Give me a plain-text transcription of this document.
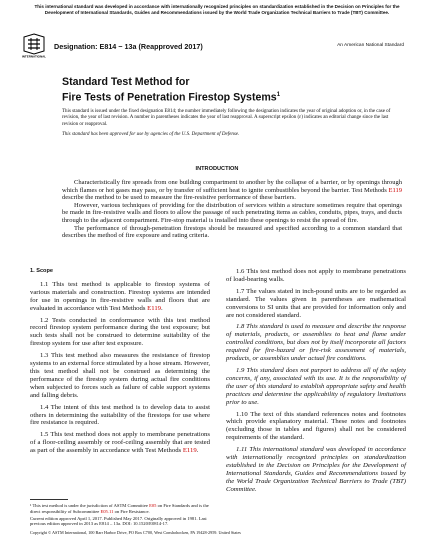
This international standard was developed in accordance with internationally recognized principles on standardization established in the Decision on Principles for the Development of International Standards, Guides and Recommendations issued by the World Trade Organization Technical Barriers to Trade (TBT) Committee.
INTERNATIONAL
Designation: E814 − 13a (Reapproved 2017)	An American National Standard
Standard Test Method for
Fire Tests of Penetration Firestop Systems$^1$
This standard is issued under the fixed designation E814; the number immediately following the designation indicates the year of original adoption or, in the case of revision, the year of last revision. A number in parentheses indicates the year of last reapproval. A superscript epsilon (ε) indicates an editorial change since the last revision or reapproval.
This standard has been approved for use by agencies of the U.S. Department of Defense.
INTRODUCTION

Characteristically fire spreads from one building compartment to another by the collapse of a barrier, or by openings through which flames or hot gases may pass, or by transfer of sufficient heat to ignite combustibles beyond the barrier. Test Methods E119 describe the method to be used to measure the fire-resistive performance of these barriers.

However, various techniques of providing for the distribution of services within a structure sometimes require that openings be made in fire-resistive walls and floors to allow the passage of such penetrating items as cables, conduits, pipes, trays, and ducts through to the adjacent compartment. Fire-stop material is installed into these openings to resist the spread of fire.

The performance of through-penetration firestops should be measured and specified according to a common standard that describes the method of fire exposure and rating criteria.

1. Scope

1.1 This test method is applicable to firestop systems of various materials and construction. Firestop systems are intended for use in openings in fire-resistive walls and floors that are evaluated in accordance with Test Methods E119.

1.2 Tests conducted in conformance with this test method record firestop system performance during the test exposure; but such tests shall not be construed to determine suitability of the firestop system for use after test exposure.

1.3 This test method also measures the resistance of firestop systems to an external force stimulated by a hose stream. However, this test method shall not be construed as determining the performance of the firestop system during actual fire conditions when subjected to forces such as failure of cable support systems and falling debris.

1.4 The intent of this test method is to develop data to assist others in determining the suitability of the firestops for use where fire resistance is required.

1.5 This test method does not apply to membrane penetrations of a floor-ceiling assembly or roof-ceiling assembly that are tested as part of the assembly in accordance with Test Methods E119.

1.6 This test method does not apply to membrane penetrations of load-bearing walls.

1.7 The values stated in inch-pound units are to be regarded as standard. The values given in parentheses are mathematical conversions to SI units that are provided for information only and are not considered standard.

1.8 This standard is used to measure and describe the response of materials, products, or assemblies to heat and flame under controlled conditions, but does not by itself incorporate all factors required for fire-hazard or fire-risk assessment of materials, products, or assemblies under actual fire conditions.

1.9 This standard does not purport to address all of the safety concerns, if any, associated with its use. It is the responsibility of the user of this standard to establish appropriate safety and health practices and determine the applicability of regulatory limitations prior to use.

1.10 The text of this standard references notes and footnotes which provide explanatory material. These notes and footnotes (excluding those in tables and figures) shall not be considered requirements of the standard.

1.11 This international standard was developed in accordance with internationally recognized principles on standardization established in the Decision on Principles for the Development of International Standards, Guides and Recommendations issued by the World Trade Organization Technical Barriers to Trade (TBT) Committee.

¹ This test method is under the jurisdiction of ASTM Committee E05 on Fire Standards and is the direct responsibility of Subcommittee E05.11 on Fire Resistance.

Current edition approved April 1, 2017. Published May 2017. Originally approved in 1981. Last previous edition approved in 2013 as E814 – 13a. DOI: 10.1520/E0814-17.

Copyright © ASTM International, 100 Barr Harbor Drive, PO Box C700, West Conshohocken, PA 19428-2959. United States
